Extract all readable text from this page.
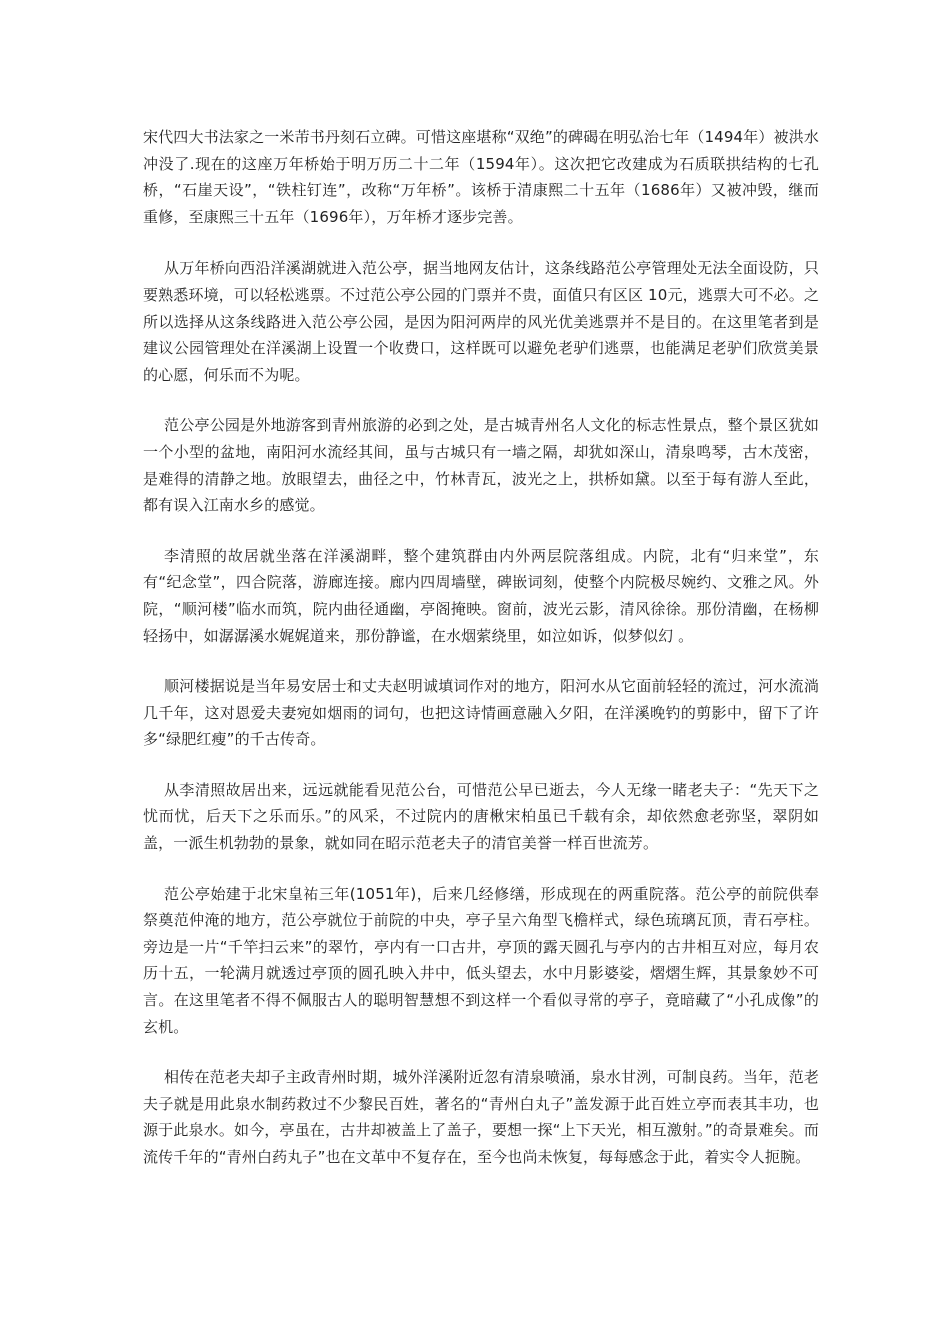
宋代四大书法家之一米芾书丹刻石立碑。可惜这座堪称“双绝”的碑碣在明弘治七年（1494年）被洪水冲没了.现在的这座万年桥始于明万历二十二年（1594年）。这次把它改建成为石质联拱结构的七孔桥，“石崖天设”，“铁柱钉连”，改称“万年桥”。该桥于清康熙二十五年（1686年）又被冲毁，继而重修，至康熙三十五年（1696年），万年桥才逐步完善。

从万年桥向西沿洋溪湖就进入范公亭，据当地网友估计，这条线路范公亭管理处无法全面设防，只要熟悉环境，可以轻松逃票。不过范公亭公园的门票并不贵，面值只有区区 10元，逃票大可不必。之所以选择从这条线路进入范公亭公园，是因为阳河两岸的风光优美逃票并不是目的。在这里笔者到是建议公园管理处在洋溪湖上设置一个收费口，这样既可以避免老驴们逃票，也能满足老驴们欣赏美景的心愿，何乐而不为呢。

范公亭公园是外地游客到青州旅游的必到之处，是古城青州名人文化的标志性景点，整个景区犹如一个小型的盆地，南阳河水流经其间，虽与古城只有一墙之隔，却犹如深山，清泉鸣琴，古木茂密，是难得的清静之地。放眼望去，曲径之中，竹林青瓦，波光之上，拱桥如黛。以至于每有游人至此，都有误入江南水乡的感觉。

李清照的故居就坐落在洋溪湖畔，整个建筑群由内外两层院落组成。内院，北有“归来堂”，东有“纪念堂”，四合院落，游廊连接。廊内四周墙壁，碑嵌词刻，使整个内院极尽婉约、文雅之风。外院，“顺河楼”临水而筑，院内曲径通幽，亭阁掩映。窗前，波光云影，清风徐徐。那份清幽，在杨柳轻扬中，如潺潺溪水娓娓道来，那份静谧，在水烟萦绕里，如泣如诉，似梦似幻 。

顺河楼据说是当年易安居士和丈夫赵明诚填词作对的地方，阳河水从它面前轻轻的流过，河水流淌几千年，这对恩爱夫妻宛如烟雨的词句，也把这诗情画意融入夕阳，在洋溪晚钓的剪影中，留下了许多“绿肥红瘦”的千古传奇。

从李清照故居出来，远远就能看见范公台，可惜范公早已逝去，今人无缘一睹老夫子：“先天下之忧而忧，后天下之乐而乐。”的风采，不过院内的唐楸宋柏虽已千载有余，却依然愈老弥坚，翠阴如盖，一派生机勃勃的景象，就如同在昭示范老夫子的清官美誉一样百世流芳。

范公亭始建于北宋皇祐三年(1051年)，后来几经修缮，形成现在的两重院落。范公亭的前院供奉祭奠范仲淹的地方，范公亭就位于前院的中央，亭子呈六角型飞檐样式，绿色琉璃瓦顶，青石亭柱。旁边是一片“千竿扫云来”的翠竹，亭内有一口古井，亭顶的露天圆孔与亭内的古井相互对应，每月农历十五，一轮满月就透过亭顶的圆孔映入井中，低头望去，水中月影婆娑，熠熠生辉，其景象妙不可言。在这里笔者不得不佩服古人的聪明智慧想不到这样一个看似寻常的亭子，竟暗藏了“小孔成像”的玄机。

相传在范老夫却子主政青州时期，城外洋溪附近忽有清泉喷涌，泉水甘洌，可制良药。当年，范老夫子就是用此泉水制药救过不少黎民百姓，著名的“青州白丸子”盖发源于此百姓立亭而表其丰功，也源于此泉水。如今，亭虽在，古井却被盖上了盖子，要想一探“上下天光，相互激射。”的奇景难矣。而流传千年的“青州白药丸子”也在文革中不复存在，至今也尚未恢复，每每感念于此，着实令人扼腕。
